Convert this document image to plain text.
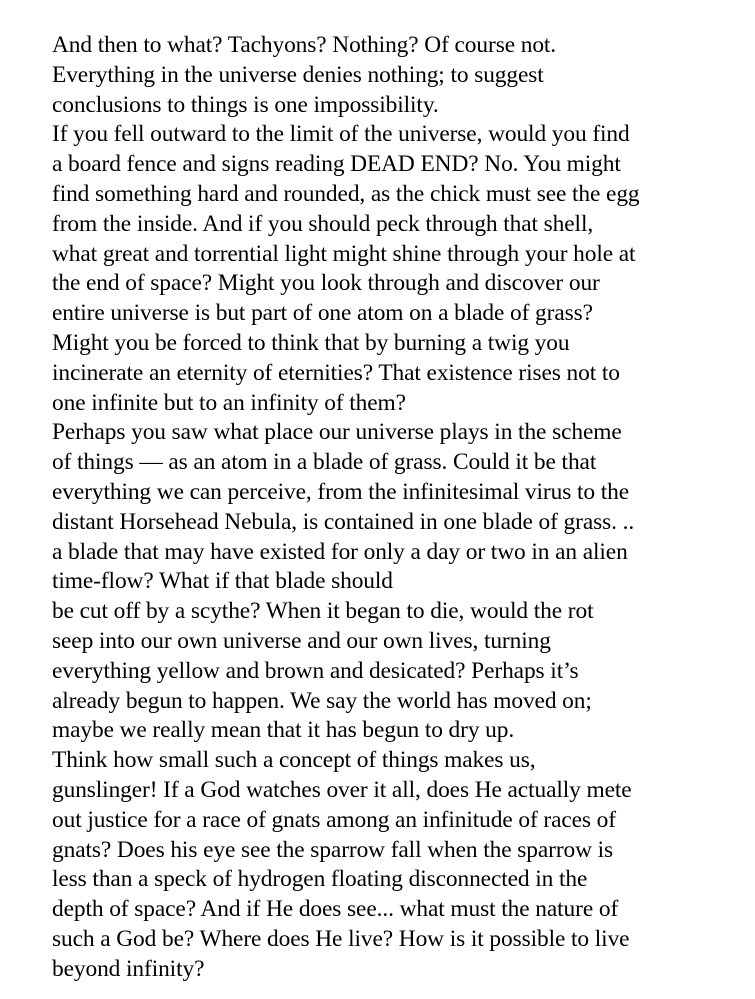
And then to what? Tachyons? Nothing? Of course not.
Everything in the universe denies nothing; to suggest
conclusions to things is one impossibility.
If you fell outward to the limit of the universe, would you find
a board fence and signs reading DEAD END? No. You might
find something hard and rounded, as the chick must see the egg
from the inside. And if you should peck through that shell,
what great and torrential light might shine through your hole at
the end of space? Might you look through and discover our
entire universe is but part of one atom on a blade of grass?
Might you be forced to think that by burning a twig you
incinerate an eternity of eternities? That existence rises not to
one infinite but to an infinity of them?
Perhaps you saw what place our universe plays in the scheme
of things — as an atom in a blade of grass. Could it be that
everything we can perceive, from the infinitesimal virus to the
distant Horsehead Nebula, is contained in one blade of grass. ..
a blade that may have existed for only a day or two in an alien
time-flow? What if that blade should
be cut off by a scythe? When it began to die, would the rot
seep into our own universe and our own lives, turning
everything yellow and brown and desicated? Perhaps it’s
already begun to happen. We say the world has moved on;
maybe we really mean that it has begun to dry up.
Think how small such a concept of things makes us,
gunslinger! If a God watches over it all, does He actually mete
out justice for a race of gnats among an infinitude of races of
gnats? Does his eye see the sparrow fall when the sparrow is
less than a speck of hydrogen floating disconnected in the
depth of space? And if He does see... what must the nature of
such a God be? Where does He live? How is it possible to live
beyond infinity?
